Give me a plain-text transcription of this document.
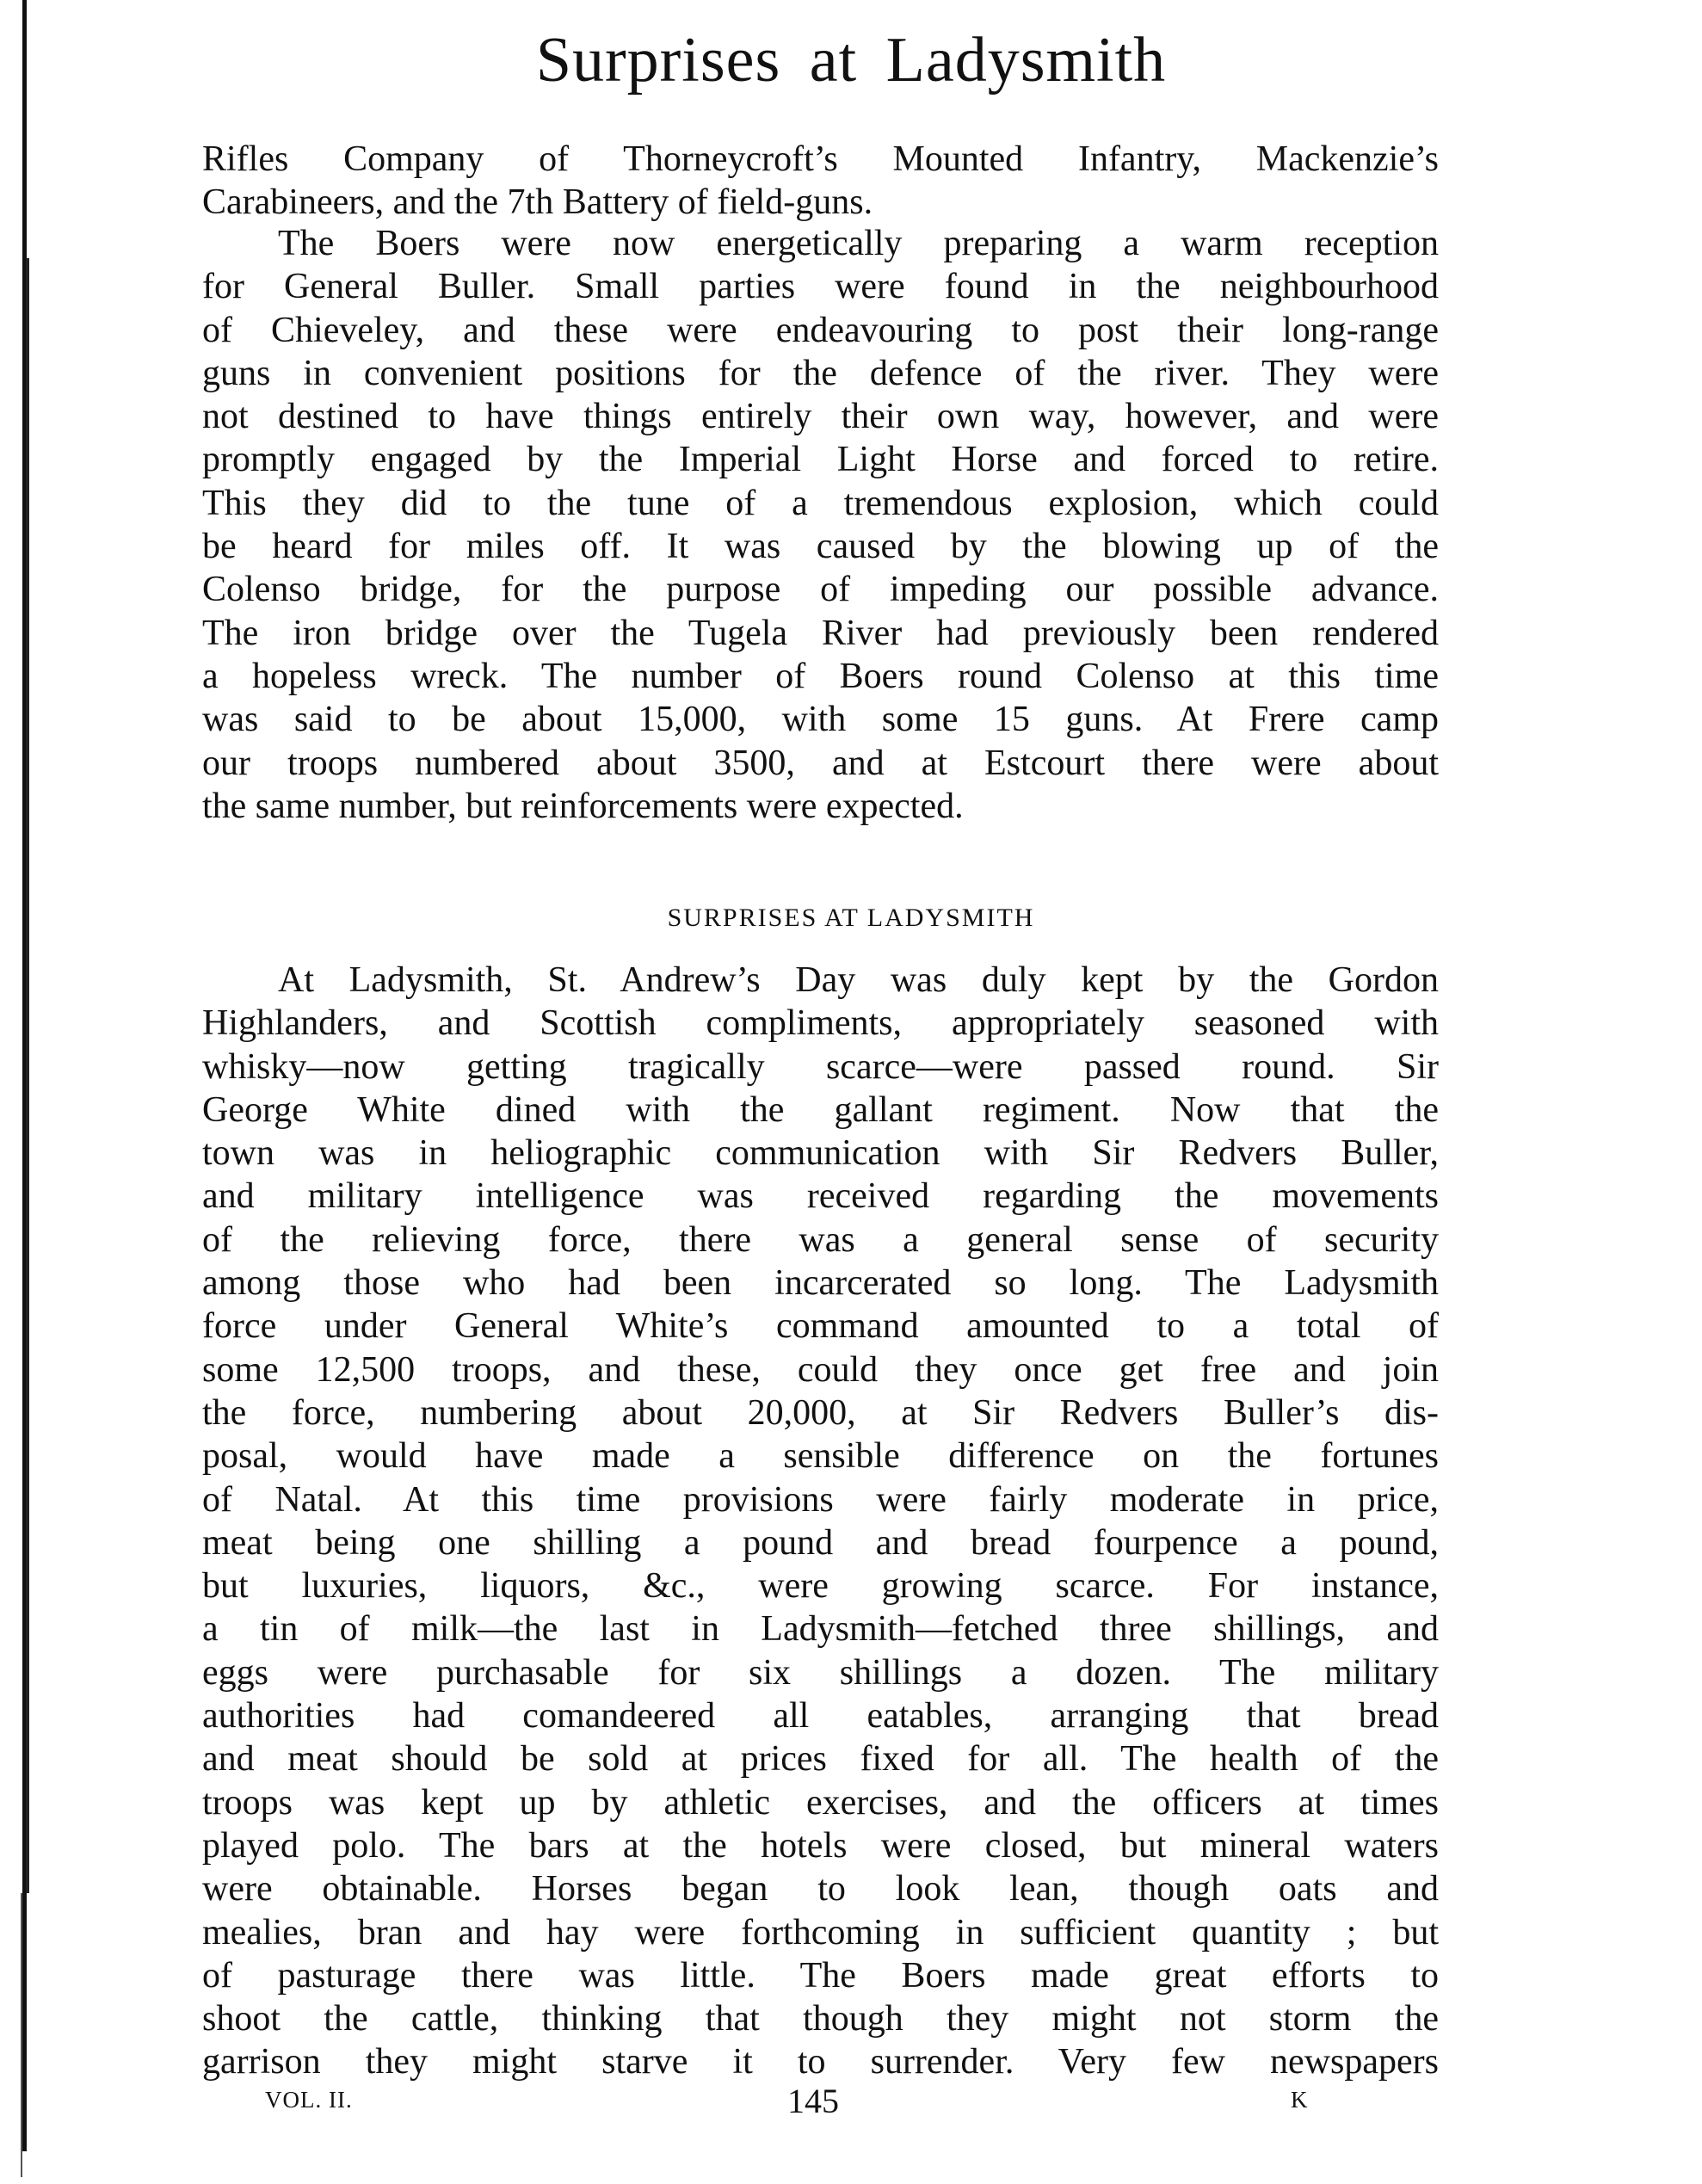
Surprises at Ladysmith
Rifles Company of Thorneycroft’s Mounted Infantry, Mackenzie’s
Carabineers, and the 7th Battery of field-guns.
The Boers were now energetically preparing a warm reception
for General Buller. Small parties were found in the neighbourhood
of Chieveley, and these were endeavouring to post their long-range
guns in convenient positions for the defence of the river. They were
not destined to have things entirely their own way, however, and were
promptly engaged by the Imperial Light Horse and forced to retire.
This they did to the tune of a tremendous explosion, which could
be heard for miles off. It was caused by the blowing up of the
Colenso bridge, for the purpose of impeding our possible advance.
The iron bridge over the Tugela River had previously been rendered
a hopeless wreck. The number of Boers round Colenso at this time
was said to be about 15,000, with some 15 guns. At Frere camp
our troops numbered about 3500, and at Estcourt there were about
the same number, but reinforcements were expected.
SURPRISES AT LADYSMITH
At Ladysmith, St. Andrew’s Day was duly kept by the Gordon
Highlanders, and Scottish compliments, appropriately seasoned with
whisky—now getting tragically scarce—were passed round. Sir
George White dined with the gallant regiment. Now that the
town was in heliographic communication with Sir Redvers Buller,
and military intelligence was received regarding the movements
of the relieving force, there was a general sense of security
among those who had been incarcerated so long. The Ladysmith
force under General White’s command amounted to a total of
some 12,500 troops, and these, could they once get free and join
the force, numbering about 20,000, at Sir Redvers Buller’s dis-
posal, would have made a sensible difference on the fortunes
of Natal. At this time provisions were fairly moderate in price,
meat being one shilling a pound and bread fourpence a pound,
but luxuries, liquors, &c., were growing scarce. For instance,
a tin of milk—the last in Ladysmith—fetched three shillings, and
eggs were purchasable for six shillings a dozen. The military
authorities had comandeered all eatables, arranging that bread
and meat should be sold at prices fixed for all. The health of the
troops was kept up by athletic exercises, and the officers at times
played polo. The bars at the hotels were closed, but mineral waters
were obtainable. Horses began to look lean, though oats and
mealies, bran and hay were forthcoming in sufficient quantity ; but
of pasturage there was little. The Boers made great efforts to
shoot the cattle, thinking that though they might not storm the
garrison they might starve it to surrender. Very few newspapers
VOL. II.	145	K
